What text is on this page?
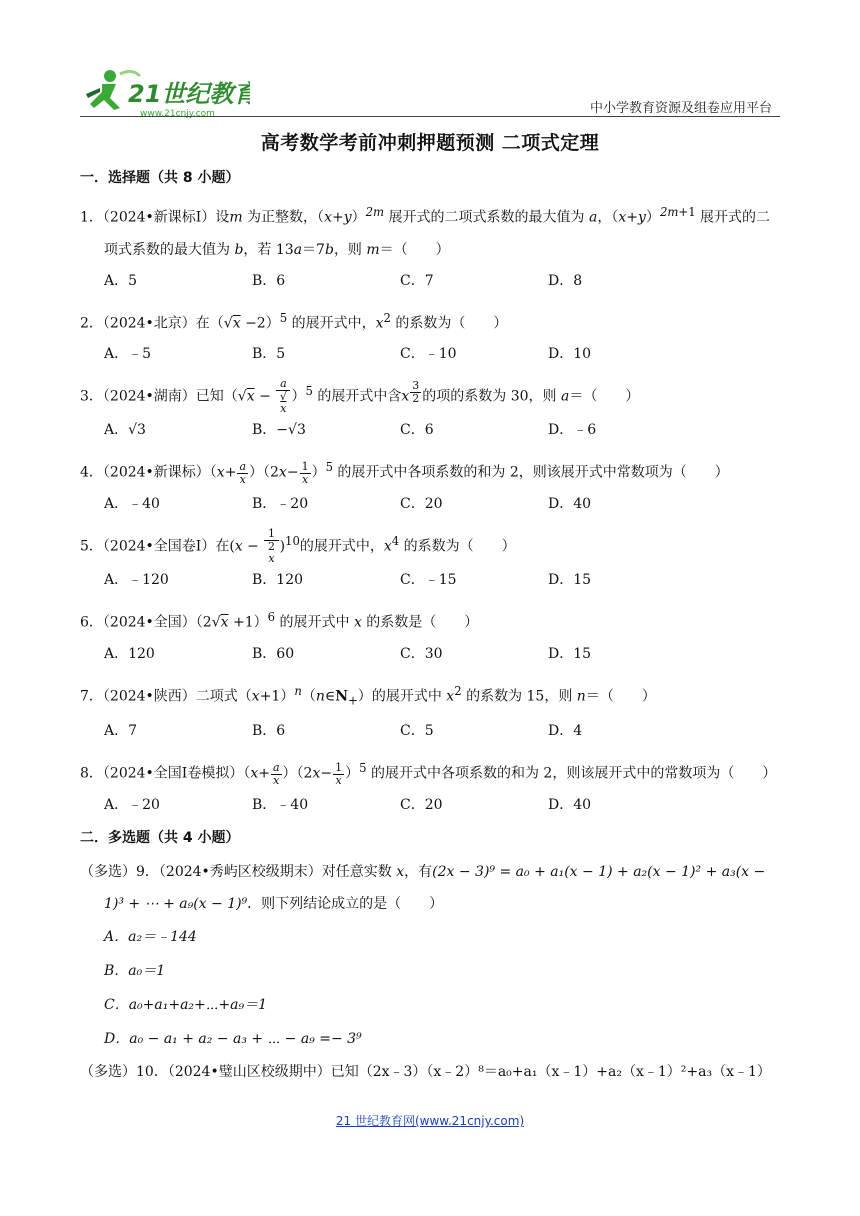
21世纪教育
www.21cnjy.com	中小学教育资源及组卷应用平台
高考数学考前冲刺押题预测 二项式定理
一．选择题（共 8 小题）
1．（2024•新课标Ⅰ）设m 为正整数，$(x+y)^{2m}$ 展开式的二项式系数的最大值为 a，$(x+y)^{2m+1}$ 展开式的二
项式系数的最大值为 b，若 13a＝7b，则 m＝（　　）
A．5	B．6	C．7	D．8
2．（2024•北京）在$(√x -2)^5$ 的展开式中，$x^2$ 的系数为（　　）
A．﹣5	B．5	C．﹣10	D．10
3．（2024•湖南）已知（√x − a
√
x ）$^5$ 的展开式中含x $^{\frac{3}{2}}$ 的项的系数为 30，则 a＝（　　）
A．√3	B．−√3	C．6	D．﹣6
4．（2024•新课标）$(x+ \frac{a}{x} )(2x- \frac{1}{x} )^5$ 的展开式中各项系数的和为 2，则该展开式中常数项为（　　）
A．﹣40	B．﹣20	C．20	D．40
5．（2024•全国卷Ⅰ）在(x − 1
2
x )$^{10}$的展开式中，$x^4$ 的系数为（　　）
A．﹣120	B．120	C．﹣15	D．15
6．（2024•全国）$(2√x +1)^6$ 的展开式中 x 的系数是（　　）
A．120	B．60	C．30	D．15
7．（2024•陕西）二项式$(x+1)^n(n\in N_+)$的展开式中 $x^2$ 的系数为 15，则 n＝（　　）
A．7	B．6	C．5	D．4
8．（2024•全国Ⅰ卷模拟）$(x+ \frac{a}{x} )(2x- \frac{1}{x} )^5$ 的展开式中各项系数的和为 2，则该展开式中的常数项为（　　）
A．﹣20	B．﹣40	C．20	D．40
二．多选题（共 4 小题）
（多选）9．（2024•秀屿区校级期末）对任意实数 x，有(2x − 3)⁹ = a₀ + a₁(x − 1) + a₂(x − 1)² + a₃(x −
1)³ + ⋯ + a₉(x − 1)⁹．则下列结论成立的是（　　）
A．a₂＝﹣144
B．a₀＝1
C．a₀+a₁+a₂+⋯+a₉＝1
D．a₀ − a₁ + a₂ − a₃ + ⋯ − a₉ =− 3⁹
（多选）10．（2024•璧山区校级期中）已知（2x﹣3）（x﹣2）⁸＝a₀+a₁（x﹣1）+a₂（x﹣1）²+a₃（x﹣1）
21 世纪教育网(www.21cnjy.com)
